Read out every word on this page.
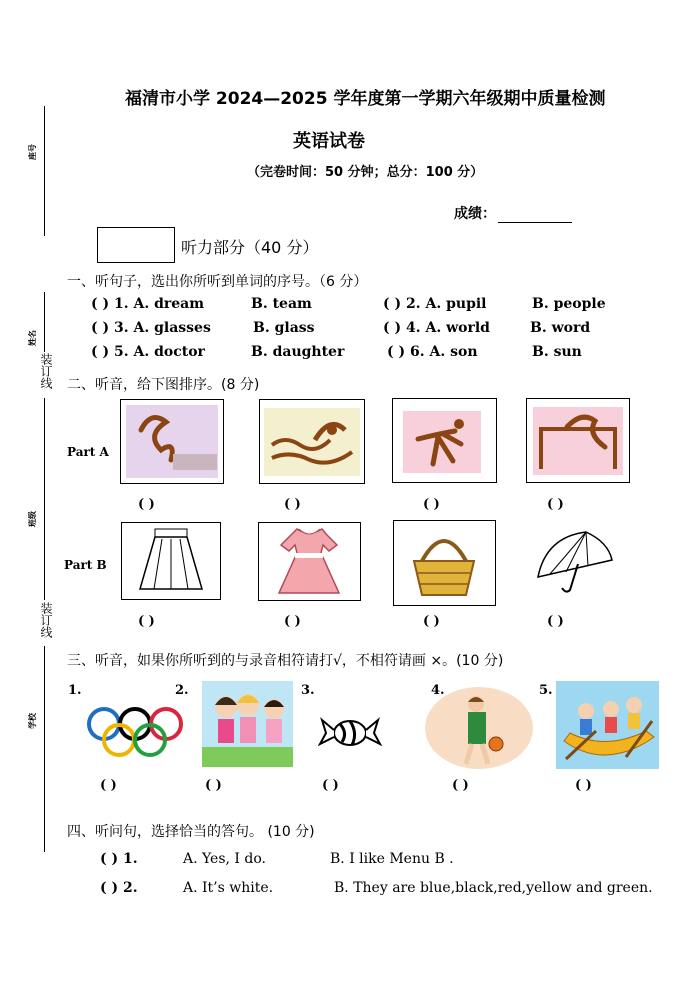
装订线
装订线
座号
姓名
班级
学校
福清市小学 2024—2025 学年度第一学期六年级期中质量检测
英语试卷
（完卷时间：50 分钟；总分：100 分）
成绩：
听力部分（40 分）
一、听句子，选出你所听到单词的序号。（6 分）
( ) 1. A. dream	B. team	( ) 2. A. pupil	B. people
( ) 3. A. glasses	B. glass	( ) 4. A. world	B. word
( ) 5. A. doctor	B. daughter	( ) 6. A. son	B. sun
二、听音，给下图排序。(8 分)
Part A
( )	( )	( )	( )
Part B
( )	( )	( )	( )
三、听音，如果你所听到的与录音相符请打√，不相符请画 ×。(10 分)
1.	2.	3.	4.	5.
( )	( )	( )	( )	( )
四、听问句，选择恰当的答句。 (10 分)
( ) 1.	A. Yes, I do.	B. I like Menu B .
( ) 2.	A. It’s white.	B. They are blue,black,red,yellow and green.
